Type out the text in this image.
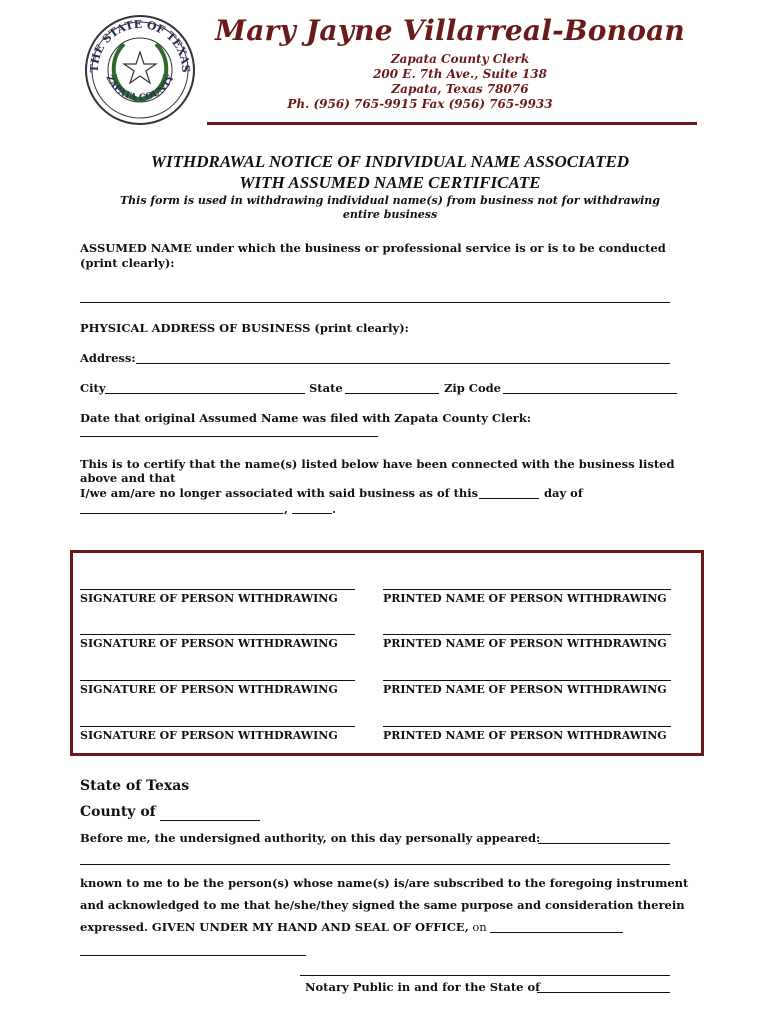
THE STATE OF TEXAS
ZAPATA COUNTY
Mary Jayne Villarreal-Bonoan
Zapata County Clerk
200 E. 7th Ave., Suite 138
Zapata, Texas 78076
Ph. (956) 765-9915 Fax (956) 765-9933
WITHDRAWAL NOTICE OF INDIVIDUAL NAME ASSOCIATED
WITH ASSUMED NAME CERTIFICATE
This form is used in withdrawing individual name(s) from business not for withdrawing
entire business
ASSUMED NAME under which the business or professional service is or is to be conducted
(print clearly):
PHYSICAL ADDRESS OF BUSINESS (print clearly):
Address:
City	State	Zip Code
Date that original Assumed Name was filed with Zapata County Clerk:
This is to certify that the name(s) listed below have been connected with the business listed
above and that
I/we am/are no longer associated with said business as of this	day of
,	.
SIGNATURE OF PERSON WITHDRAWING	PRINTED NAME OF PERSON WITHDRAWING
SIGNATURE OF PERSON WITHDRAWING	PRINTED NAME OF PERSON WITHDRAWING
SIGNATURE OF PERSON WITHDRAWING	PRINTED NAME OF PERSON WITHDRAWING
SIGNATURE OF PERSON WITHDRAWING	PRINTED NAME OF PERSON WITHDRAWING
State of Texas
County of
Before me, the undersigned authority, on this day personally appeared:
known to me to be the person(s) whose name(s) is/are subscribed to the foregoing instrument
and acknowledged to me that he/she/they signed the same purpose and consideration therein
expressed. GIVEN UNDER MY HAND AND SEAL OF OFFICE, on
Notary Public in and for the State of
